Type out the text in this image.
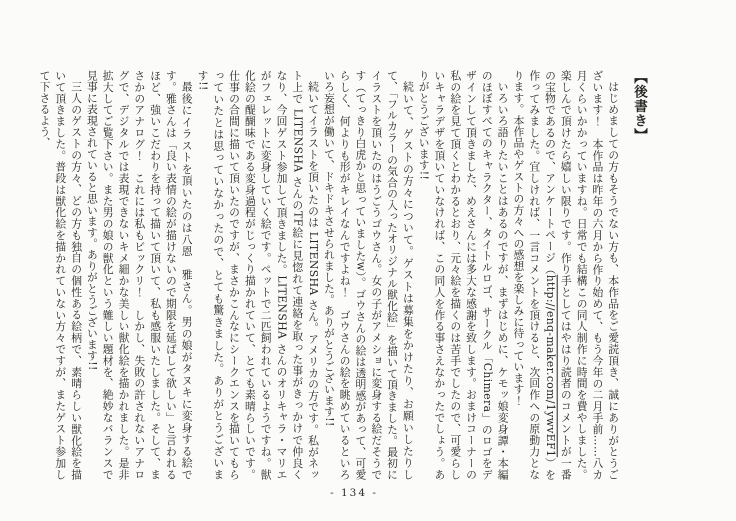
【後書き】

はじめましての方もそうでない方も、本作品をご愛読頂き、誠にありがとうございます！　本作品は昨年の六月から作り始めて、もう今年の二月手前……八カ月くらいかかっていますね。日常でも結構この同人制作に時間を費やしました。楽しんで頂けたら嬉しい限りです。作り手としてはやはり読者のコメントが一番の宝物であるので、アンケートページ（http://enq-maker.com/1ywvEF1）を作ってみました。宜しければ、一言コメントを頂けると、次回作への原動力となります。本作品やゲストの方々への感想を楽しみに待っています！

いろいろ語りたいことはあるのですが、まずはじめに、ケモッ娘変身譚・本編のほぼすべてのキャラクター、タイトルロゴ、サークル「Chimera」のロゴをデザインして頂きました、めえさんには多大な感謝を致します。おまけコーナーの私の絵を見て頂くとわかるとおり、元々絵を描くのは苦手でしたので、可愛らしいキャラデザを頂いていなければ、この同人を作る事さえなかったでしょう。ありがとうございます!!

続いて、ゲストの方々について。ゲストは募集をかけたり、お願いしたりして、「フルカラーの気合の入ったオリジナル獣化絵」を描いて頂きました。最初にイラストを頂いたのはうごうゴウさん。女の子がアメショに変身する絵だそうです（てっきり白虎かと思っていましたw）。ゴウさんの絵は透明感があって、可愛らしく、何よりも形がキレイなんですよね！　ゴウさんの絵を眺めているといろいろ妄想が働いて、ドキドキさせられました。ありがとうございます!!

続いてイラストを頂いたのは LITENSHA さん。アメリカの方です。私がネット上で LITENSHA さんのTF絵に見惚れて連絡を取った事がきっかけで仲良くなり、今回ゲスト参加して頂きました。LITENSHA さんのオリキャラ・マリエがフェレットに変身していく絵です。ペットで二匹飼われているようですね。獣化絵の醍醐味である変身過程がじっくり描かれていて、とても素晴らしいです。仕事の合間に描いて頂いたのですが、まさかこんなにシークエンスを描いてもらっていたとは思っていなかったので、とても驚きました。ありがとうございます!!

最後にイラストを頂いたのは八恩　雅さん。男の娘がタヌキに変身する絵です。雅さんは「良い表情の絵が描けないので期限を延ばして欲しい」と言われるほど、強いこだわりを持って描いて頂いて、私も感服いたしました。そして、まさかのアナログ！　これには私もビックリ！　しかし、失敗の許されないアナログで、デジタルでは表現できないキメ細かな美しい獣化絵を描かれました。是非拡大してご覧下さい。また男の娘の獣化という難しい題材を、絶妙なバランスで見事に表現されていると思います。ありがとうございます!!

三人のゲストの方々、どの方も独自の個性ある絵柄で、素晴らしい獣化絵を描いて頂きました。普段は獣化絵を描かれていない方々ですが、またゲスト参加して下さるよう、

- 134 -
